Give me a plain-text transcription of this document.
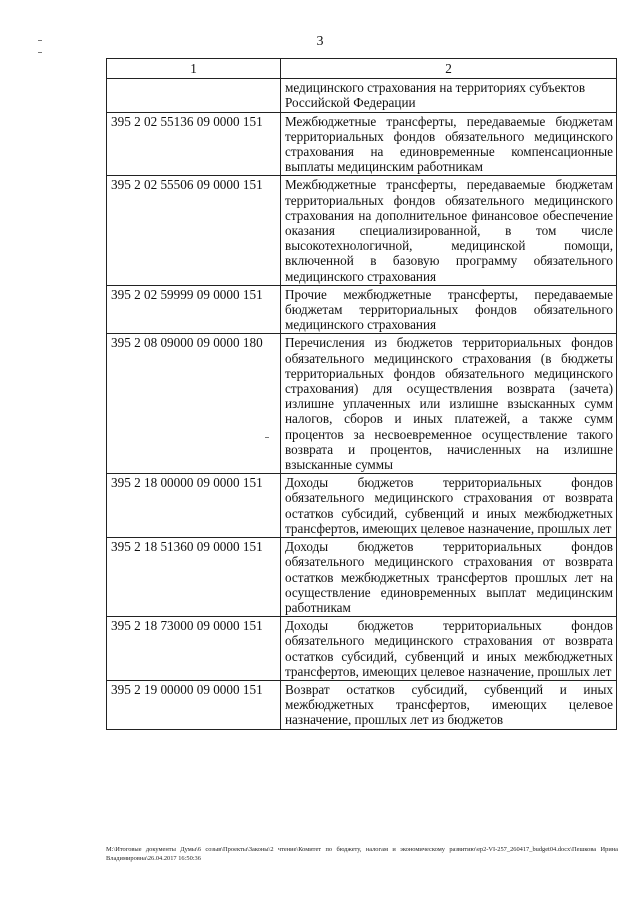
3
1	2
	медицинского страхования на территориях субъектов Российской Федерации
395 2 02 55136 09 0000 151	Межбюджетные трансферты, передаваемые бюджетам территориальных фондов обязательного медицинского страхования на единовременные компенсационные выплаты медицинским работникам
395 2 02 55506 09 0000 151	Межбюджетные трансферты, передаваемые бюджетам территориальных фондов обязательного медицинского страхования на дополнительное финансовое обеспечение оказания специализированной, в том числе высокотехнологичной, медицинской помощи, включенной в базовую программу обязательного медицинского страхования
395 2 02 59999 09 0000 151	Прочие межбюджетные трансферты, передаваемые бюджетам территориальных фондов обязательного медицинского страхования
395 2 08 09000 09 0000 180	Перечисления из бюджетов территориальных фондов обязательного медицинского страхования (в бюджеты территориальных фондов обязательного медицинского страхования) для осуществления возврата (зачета) излишне уплаченных или излишне взысканных сумм налогов, сборов и иных платежей, а также сумм процентов за несвоевременное осуществление такого возврата и процентов, начисленных на излишне взысканные суммы
395 2 18 00000 09 0000 151	Доходы бюджетов территориальных фондов обязательного медицинского страхования от возврата остатков субсидий, субвенций и иных межбюджетных трансфертов, имеющих целевое назначение, прошлых лет
395 2 18 51360 09 0000 151	Доходы бюджетов территориальных фондов обязательного медицинского страхования от возврата остатков межбюджетных трансфертов прошлых лет на осуществление единовременных выплат медицинским работникам
395 2 18 73000 09 0000 151	Доходы бюджетов территориальных фондов обязательного медицинского страхования от возврата остатков субсидий, субвенций и иных межбюджетных трансфертов, имеющих целевое назначение, прошлых лет
395 2 19 00000 09 0000 151	Возврат остатков субсидий, субвенций и иных межбюджетных трансфертов, имеющих целевое назначение, прошлых лет из бюджетов
М:\Итоговые документы Думы\6 созыв\Проекты\Законы\2 чтение\Комитет по бюджету, налогам и экономическому развитию\ер2-VI-257_260417_budget04.docx\Пешкова Ирина Владимировна\26.04.2017 16:50:36
